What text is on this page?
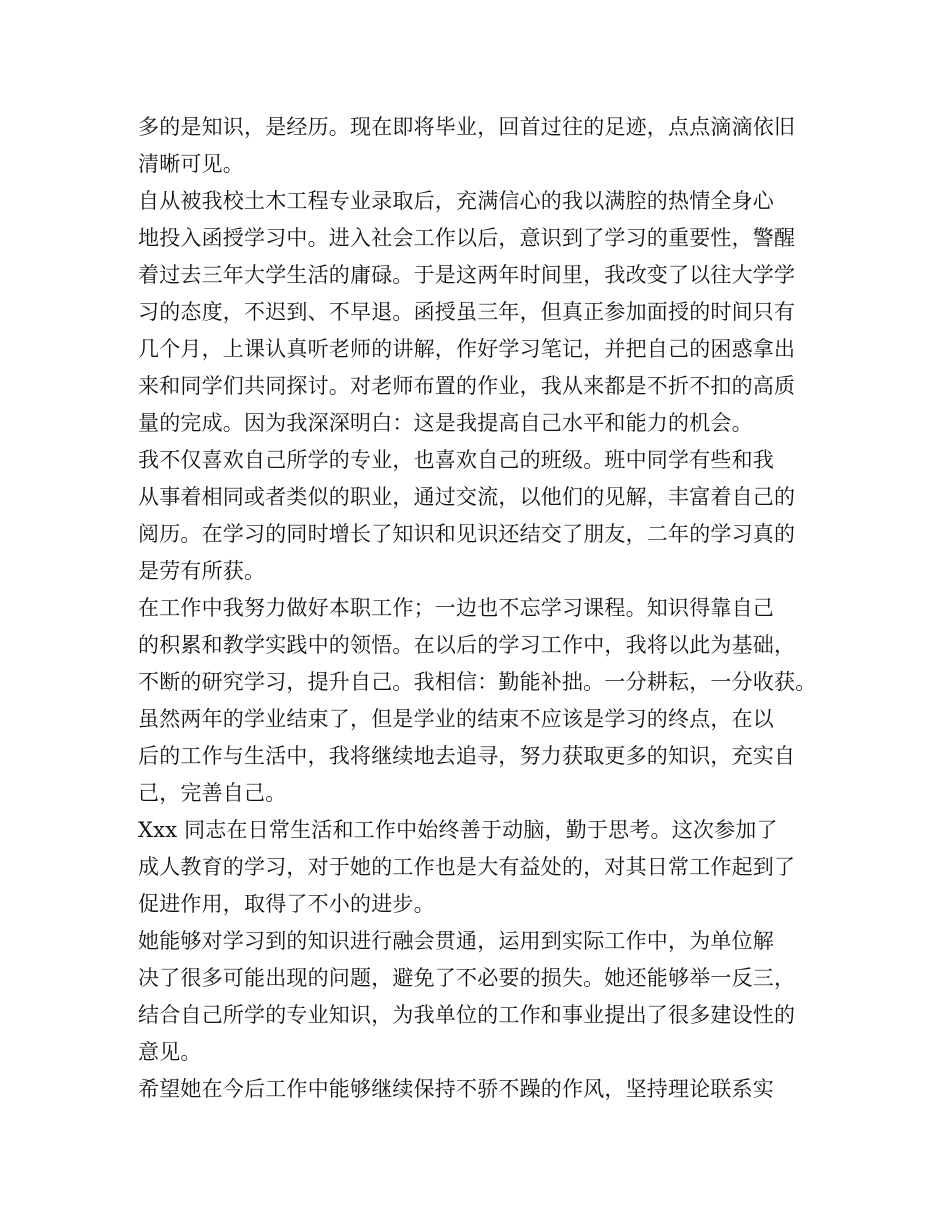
多的是知识，是经历。现在即将毕业，回首过往的足迹，点点滴滴依旧
清晰可见。
自从被我校土木工程专业录取后，充满信心的我以满腔的热情全身心
地投入函授学习中。进入社会工作以后，意识到了学习的重要性，警醒
着过去三年大学生活的庸碌。于是这两年时间里，我改变了以往大学学
习的态度，不迟到、不早退。函授虽三年，但真正参加面授的时间只有
几个月，上课认真听老师的讲解，作好学习笔记，并把自己的困惑拿出
来和同学们共同探讨。对老师布置的作业，我从来都是不折不扣的高质
量的完成。因为我深深明白：这是我提高自己水平和能力的机会。
我不仅喜欢自己所学的专业，也喜欢自己的班级。班中同学有些和我
从事着相同或者类似的职业，通过交流，以他们的见解，丰富着自己的
阅历。在学习的同时增长了知识和见识还结交了朋友，二年的学习真的
是劳有所获。
在工作中我努力做好本职工作；一边也不忘学习课程。知识得靠自己
的积累和教学实践中的领悟。在以后的学习工作中，我将以此为基础，
不断的研究学习，提升自己。我相信：勤能补拙。一分耕耘，一分收获。
虽然两年的学业结束了，但是学业的结束不应该是学习的终点，在以
后的工作与生活中，我将继续地去追寻，努力获取更多的知识，充实自
己，完善自己。
Xxx 同志在日常生活和工作中始终善于动脑，勤于思考。这次参加了
成人教育的学习，对于她的工作也是大有益处的，对其日常工作起到了
促进作用，取得了不小的进步。
她能够对学习到的知识进行融会贯通，运用到实际工作中，为单位解
决了很多可能出现的问题，避免了不必要的损失。她还能够举一反三，
结合自己所学的专业知识，为我单位的工作和事业提出了很多建设性的
意见。
希望她在今后工作中能够继续保持不骄不躁的作风，坚持理论联系实
